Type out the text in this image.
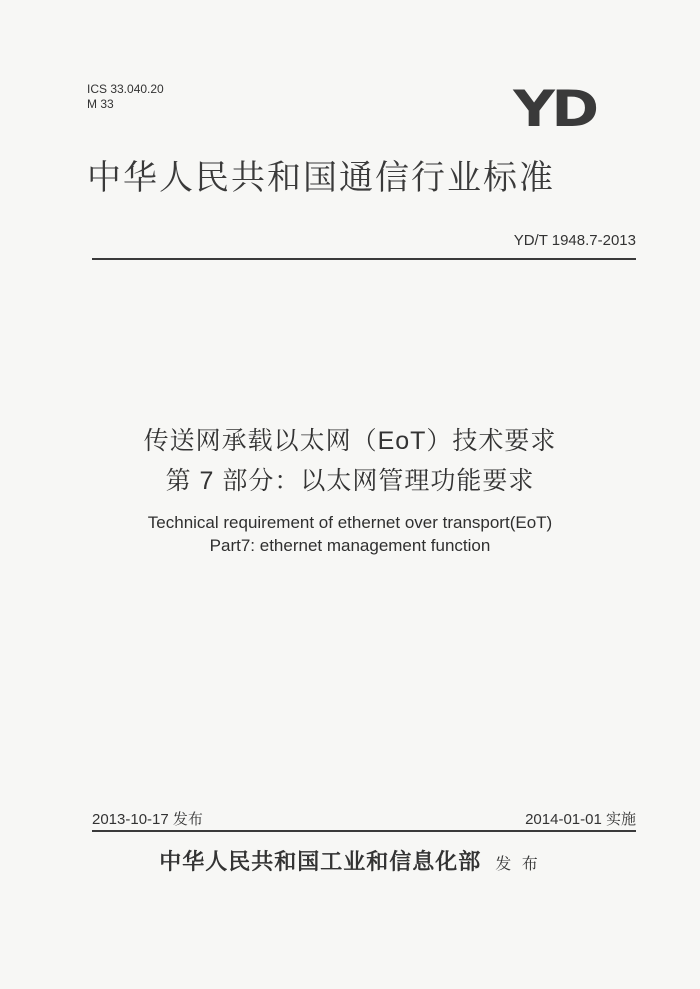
ICS 33.040.20
M 33	YD
中华人民共和国通信行业标准
YD/T 1948.7-2013
传送网承载以太网（EoT）技术要求
第 7 部分：以太网管理功能要求
Technical requirement of ethernet over transport(EoT)
Part7: ethernet management function
2013-10-17 发布	2014-01-01 实施
中华人民共和国工业和信息化部 发 布
